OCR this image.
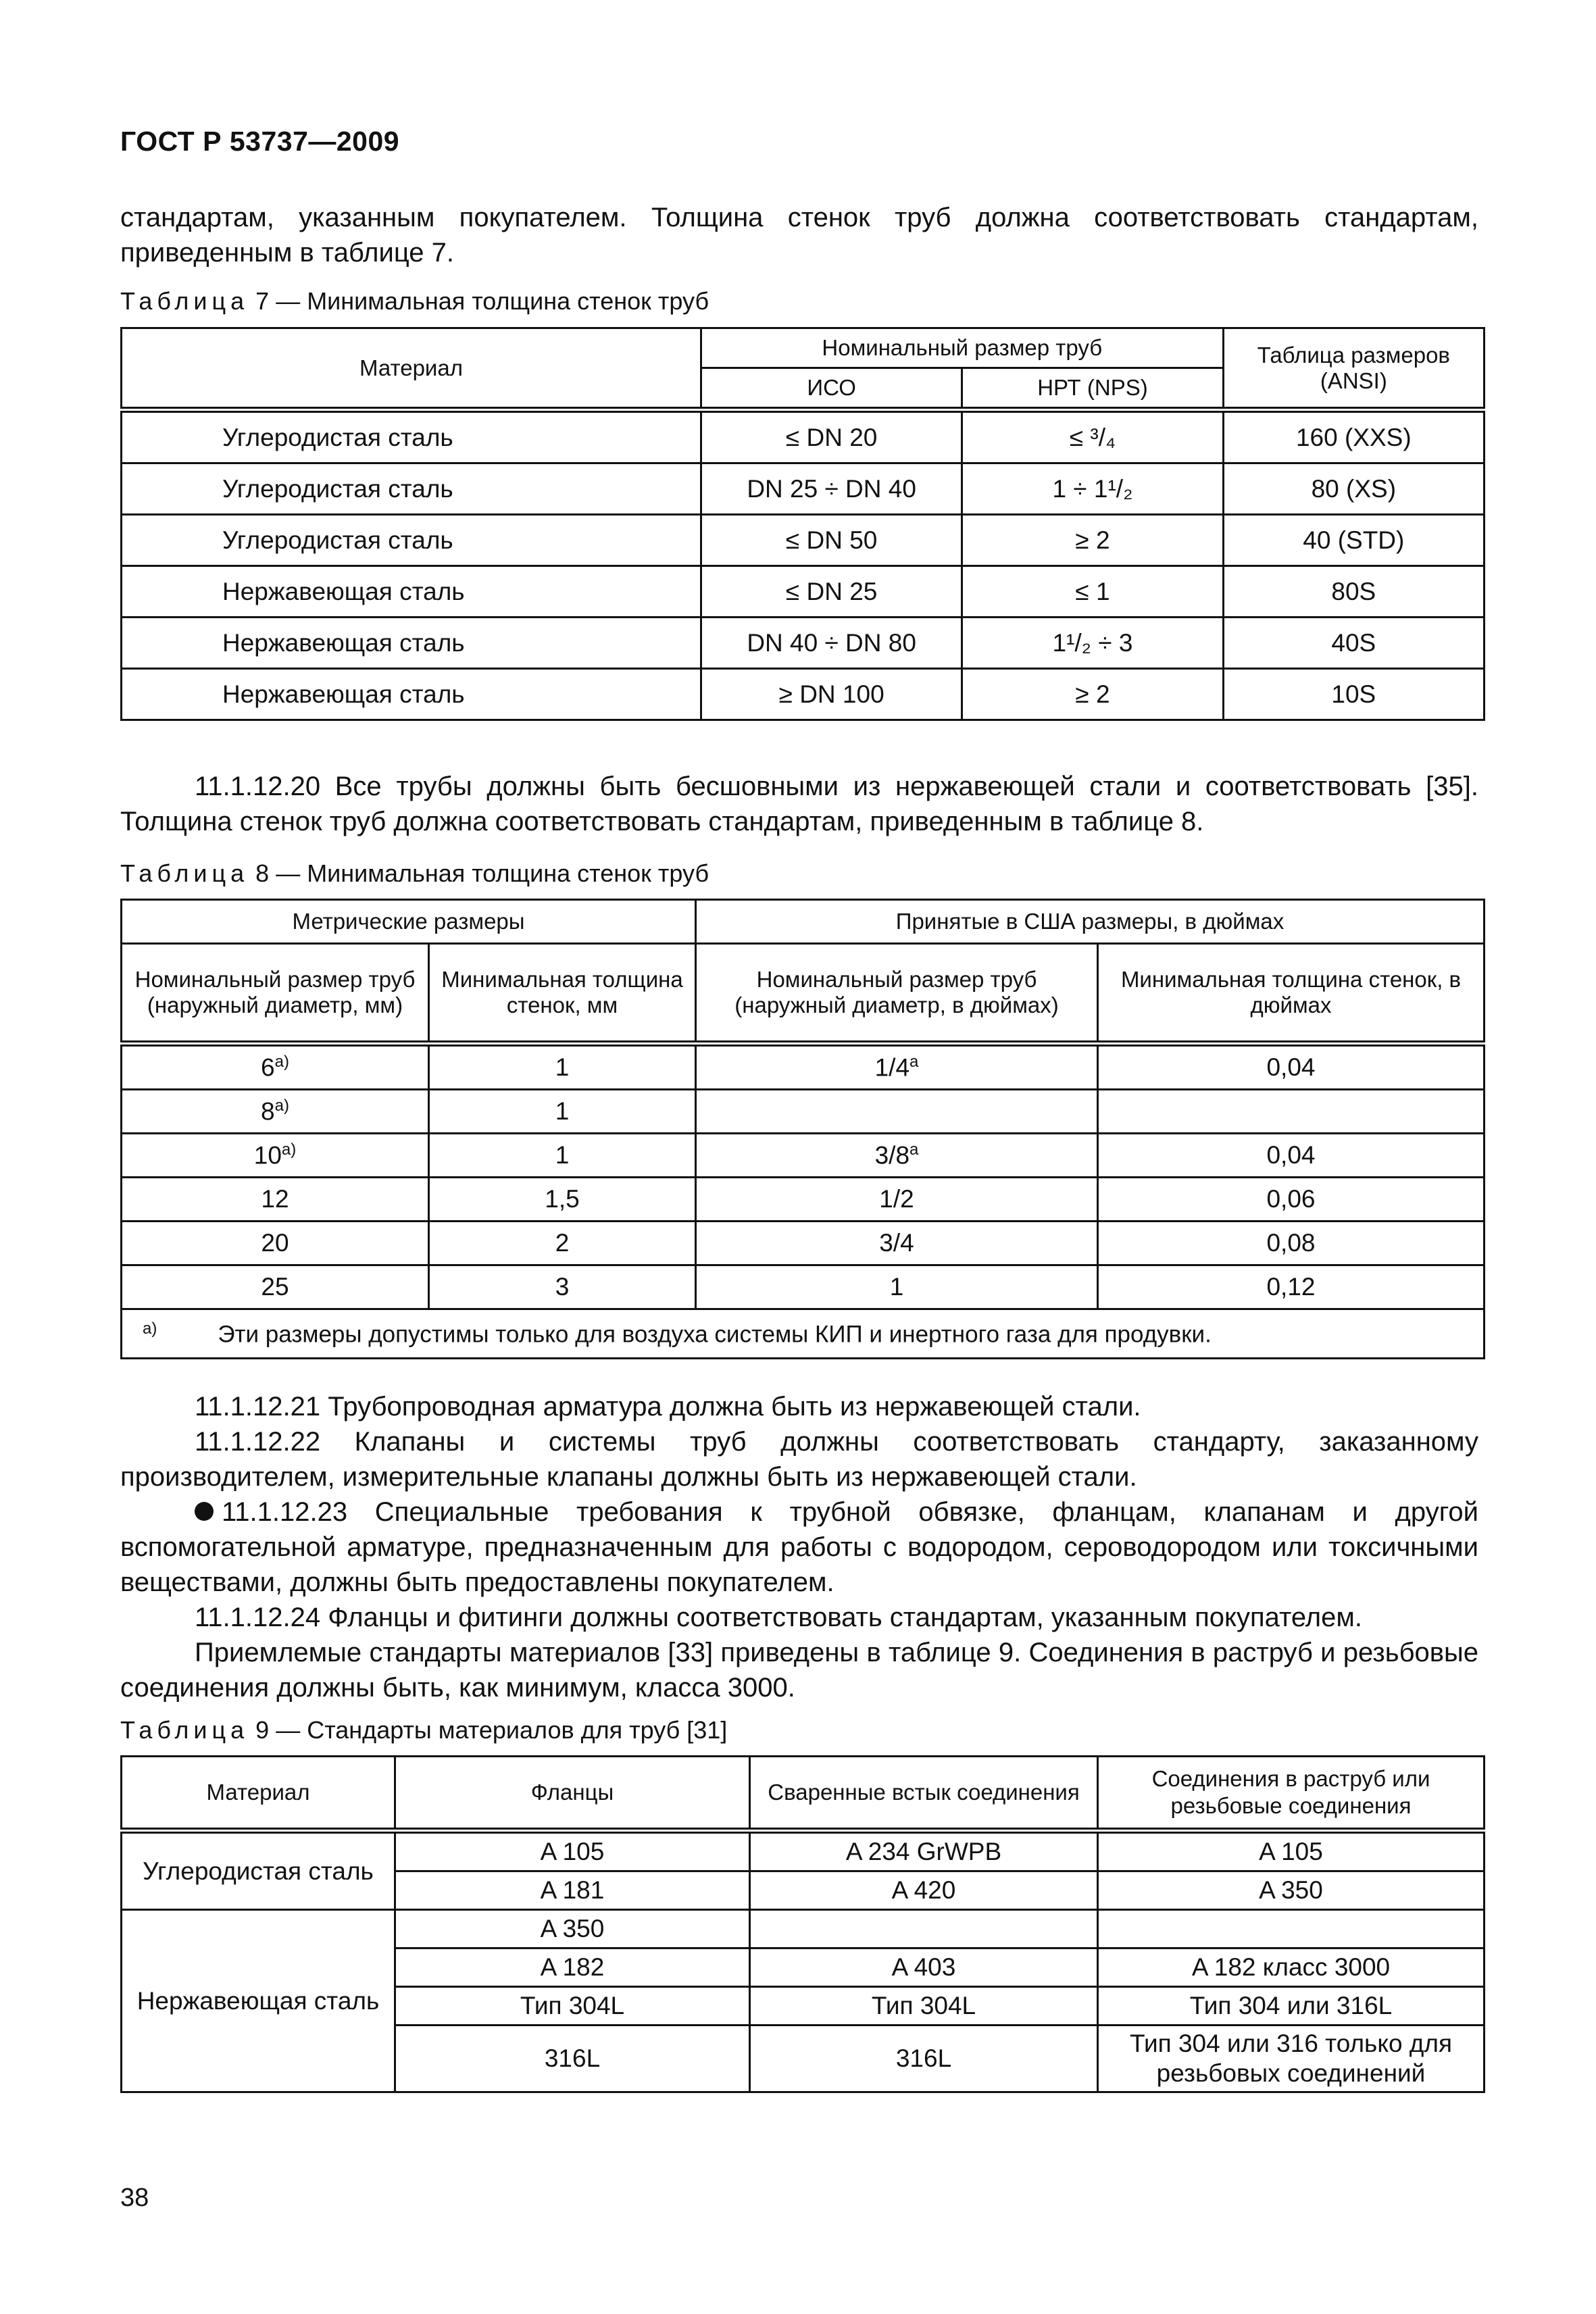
ГОСТ Р 53737—2009
стандартам, указанным покупателем. Толщина стенок труб должна соответствовать стандартам, приведенным в таблице 7.
Таблица 7 — Минимальная толщина стенок труб
Материал	Номинальный размер труб		Таблица размеров (ANSI)
	ИСО	НРТ (NPS)	
Углеродистая сталь	≤ DN 20	≤ ³/₄	160 (XXS)
Углеродистая сталь	DN 25 ÷ DN 40	1 ÷ 1¹/₂	80 (XS)
Углеродистая сталь	≤ DN 50	≥ 2	40 (STD)
Нержавеющая сталь	≤ DN 25	≤ 1	80S
Нержавеющая сталь	DN 40 ÷ DN 80	1¹/₂ ÷ 3	40S
Нержавеющая сталь	≥ DN 100	≥ 2	10S
11.1.12.20 Все трубы должны быть бесшовными из нержавеющей стали и соответствовать [35]. Толщина стенок труб должна соответствовать стандартам, приведенным в таблице 8.
Таблица 8 — Минимальная толщина стенок труб
Метрические размеры		Принятые в США размеры, в дюймах	
Номинальный размер труб (наружный диаметр, мм)	Минимальная толщина стенок, мм	Номинальный размер труб (наружный диаметр, в дюймах)	Минимальная толщина стенок, в дюймах
6$^{a)}$	1	1/4$^a$	0,04
8$^{a)}$	1		
10$^{a)}$	1	3/8$^a$	0,04
12	1,5	1/2	0,06
20	2	3/4	0,08
25	3	1	0,12
$^{a)}$ Эти размеры допустимы только для воздуха системы КИП и инертного газа для продувки.			
11.1.12.21 Трубопроводная арматура должна быть из нержавеющей стали.
11.1.12.22 Клапаны и системы труб должны соответствовать стандарту, заказанному производителем, измерительные клапаны должны быть из нержавеющей стали.
11.1.12.23 Специальные требования к трубной обвязке, фланцам, клапанам и другой вспомогательной арматуре, предназначенным для работы с водородом, сероводородом или токсичными веществами, должны быть предоставлены покупателем.
11.1.12.24 Фланцы и фитинги должны соответствовать стандартам, указанным покупателем.
Приемлемые стандарты материалов [33] приведены в таблице 9. Соединения в раструб и резьбовые соединения должны быть, как минимум, класса 3000.
Таблица 9 — Стандарты материалов для труб [31]
Материал	Фланцы	Сваренные встык соединения	Соединения в раструб или резьбовые соединения
Углеродистая сталь	A 105	A 234 GrWPB	A 105
	A 181	A 420	A 350
Нержавеющая сталь	A 350		
	A 182	A 403	A 182 класс 3000
	Тип 304L	Тип 304L	Тип 304 или 316L
	316L	316L	Тип 304 или 316 только для резьбовых соединений
38
